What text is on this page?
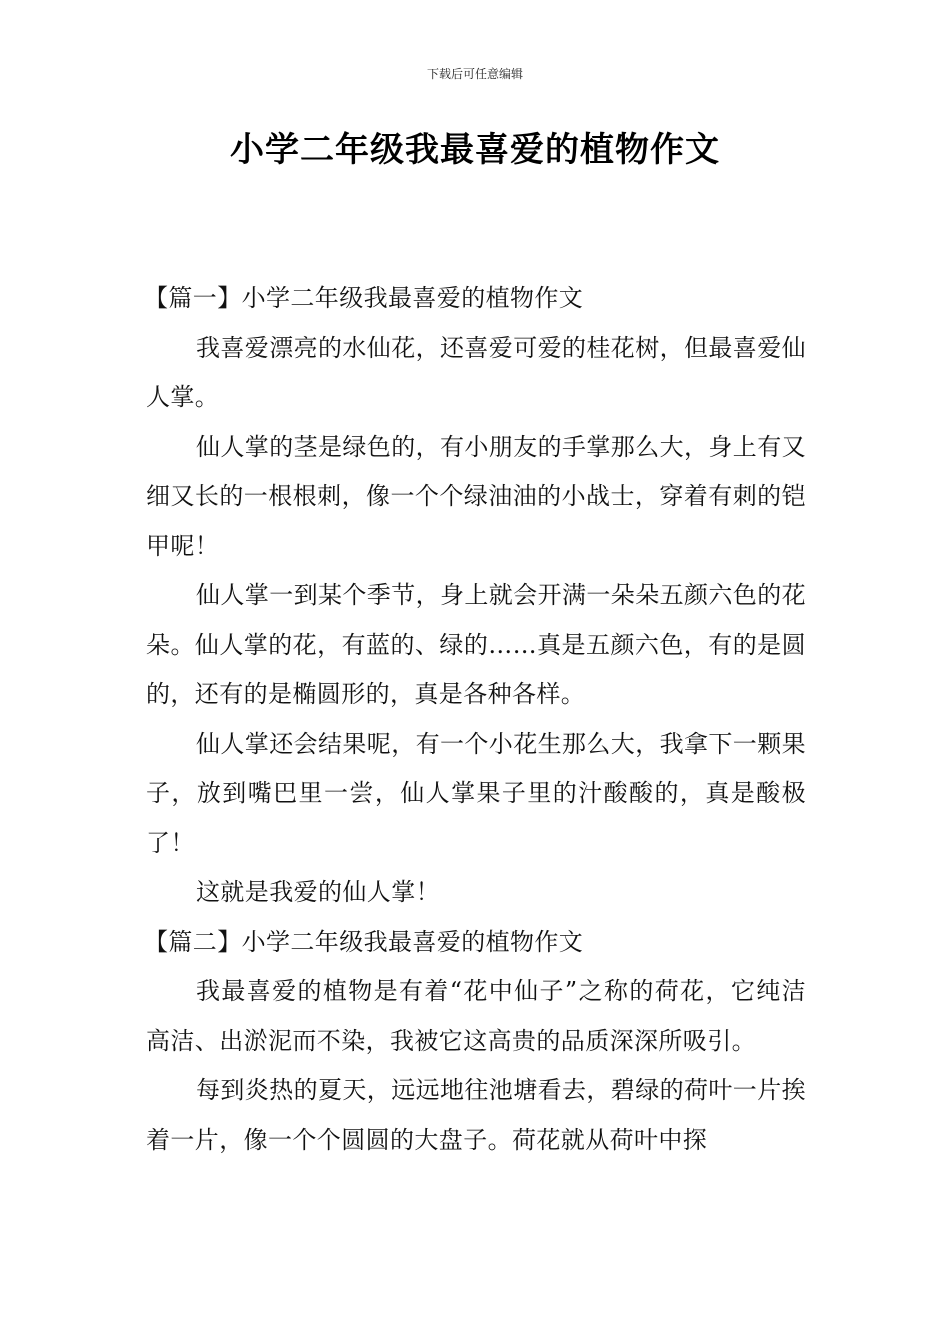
下载后可任意编辑
小学二年级我最喜爱的植物作文

【篇一】小学二年级我最喜爱的植物作文

我喜爱漂亮的水仙花，还喜爱可爱的桂花树，但最喜爱仙人掌。

仙人掌的茎是绿色的，有小朋友的手掌那么大，身上有又细又长的一根根刺，像一个个绿油油的小战士，穿着有刺的铠甲呢！

仙人掌一到某个季节，身上就会开满一朵朵五颜六色的花朵。仙人掌的花，有蓝的、绿的……真是五颜六色，有的是圆的，还有的是椭圆形的，真是各种各样。

仙人掌还会结果呢，有一个小花生那么大，我拿下一颗果子，放到嘴巴里一尝，仙人掌果子里的汁酸酸的，真是酸极了！

这就是我爱的仙人掌！

【篇二】小学二年级我最喜爱的植物作文

我最喜爱的植物是有着“花中仙子”之称的荷花，它纯洁高洁、出淤泥而不染，我被它这高贵的品质深深所吸引。

每到炎热的夏天，远远地往池塘看去，碧绿的荷叶一片挨着一片，像一个个圆圆的大盘子。荷花就从荷叶中探
